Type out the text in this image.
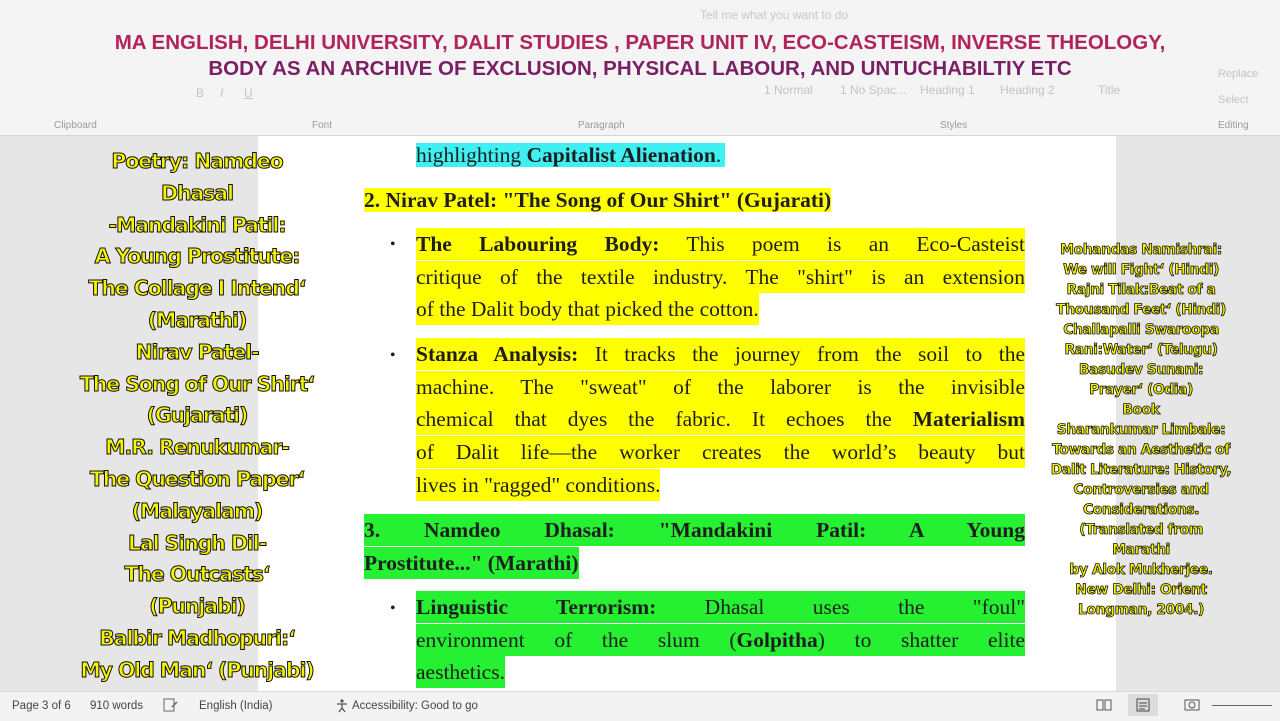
Tell me what you want to do
B I U	1 Normal 1 No Spac... Heading 1 Heading 2	Title
Replace
Select
Clipboard	Font	Paragraph	Styles	Editing
MA ENGLISH, DELHI UNIVERSITY, DALIT STUDIES , PAPER UNIT IV, ECO-CASTEISM, INVERSE THEOLOGY,
BODY AS AN ARCHIVE OF EXCLUSION, PHYSICAL LABOUR, AND UNTUCHABILTIY ETC
highlighting Capitalist Alienation.
2. Nirav Patel: "The Song of Our Shirt" (Gujarati)
• The Labouring Body: This poem is an Eco-Casteist
critique of the textile industry. The "shirt" is an extension
of the Dalit body that picked the cotton.
• Stanza Analysis: It tracks the journey from the soil to the
machine. The "sweat" of the laborer is the invisible
chemical that dyes the fabric. It echoes the Materialism
of Dalit life—the worker creates the world’s beauty but
lives in "ragged" conditions.
3. Namdeo Dhasal: "Mandakini Patil: A Young
Prostitute..." (Marathi)
• Linguistic Terrorism: Dhasal uses the "foul"
environment of the slum (Golpitha) to shatter elite
aesthetics.
Poetry: Namdeo
Dhasal
-Mandakini Patil:
A Young Prostitute:
The Collage I Intend‘
(Marathi)
Nirav Patel-
The Song of Our Shirt‘
(Gujarati)
M.R. Renukumar-
The Question Paper‘
(Malayalam)
Lal Singh Dil-
The Outcasts‘
(Punjabi)
Balbir Madhopuri:‘
My Old Man‘ (Punjabi)
Mohandas Namishrai:
We will Fight‘ (Hindi)
Rajni Tilak:Beat of a
Thousand Feet‘ (Hindi)
Challapalli Swaroopa
Rani:Water‘ (Telugu)
Basudev Sunani:
Prayer‘ (Odia)
Book
Sharankumar Limbale:
Towards an Aesthetic of
Dalit Literature: History,
Controversies and
Considerations.
(Translated from
Marathi
by Alok Mukherjee.
New Delhi: Orient
Longman, 2004.)
Page 3 of 6 910 words	English (India)	Accessibility: Good to go
